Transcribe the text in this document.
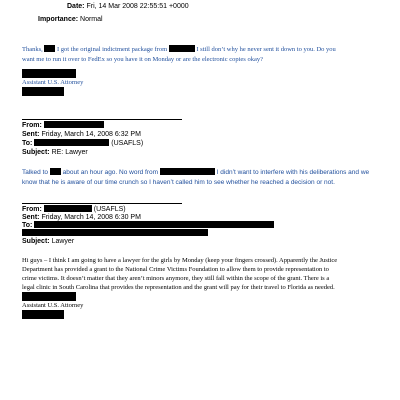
Date: Fri, 14 Mar 2008 22:55:51 +0000
Importance: Normal
Thanks, I got the original indictment package from	I still don’t why he never sent it down to you. Do you
want me to run it over to FedEx so you have it on Monday or are the electronic copies okay?
Assistant U.S. Attorney
From:
Sent: Friday, March 14, 2008 6:32 PM
To:	(USAFLS)
Subject: RE: Lawyer
Talked to about an hour ago. No word from	I didn’t want to interfere with his deliberations and we
know that he is aware of our time crunch so I haven’t called him to see whether he reached a decision or not.
From:	(USAFLS)
Sent: Friday, March 14, 2008 6:30 PM
To:
Subject: Lawyer
Hi guys – I think I am going to have a lawyer for the girls by Monday (keep your fingers crossed). Apparently the Justice
Department has provided a grant to the National Crime Victims Foundation to allow them to provide representation to
crime victims. It doesn’t matter that they aren’t minors anymore, they still fall within the scope of the grant. There is a
legal clinic in South Carolina that provides the representation and the grant will pay for their travel to Florida as needed.
Assistant U.S. Attorney
